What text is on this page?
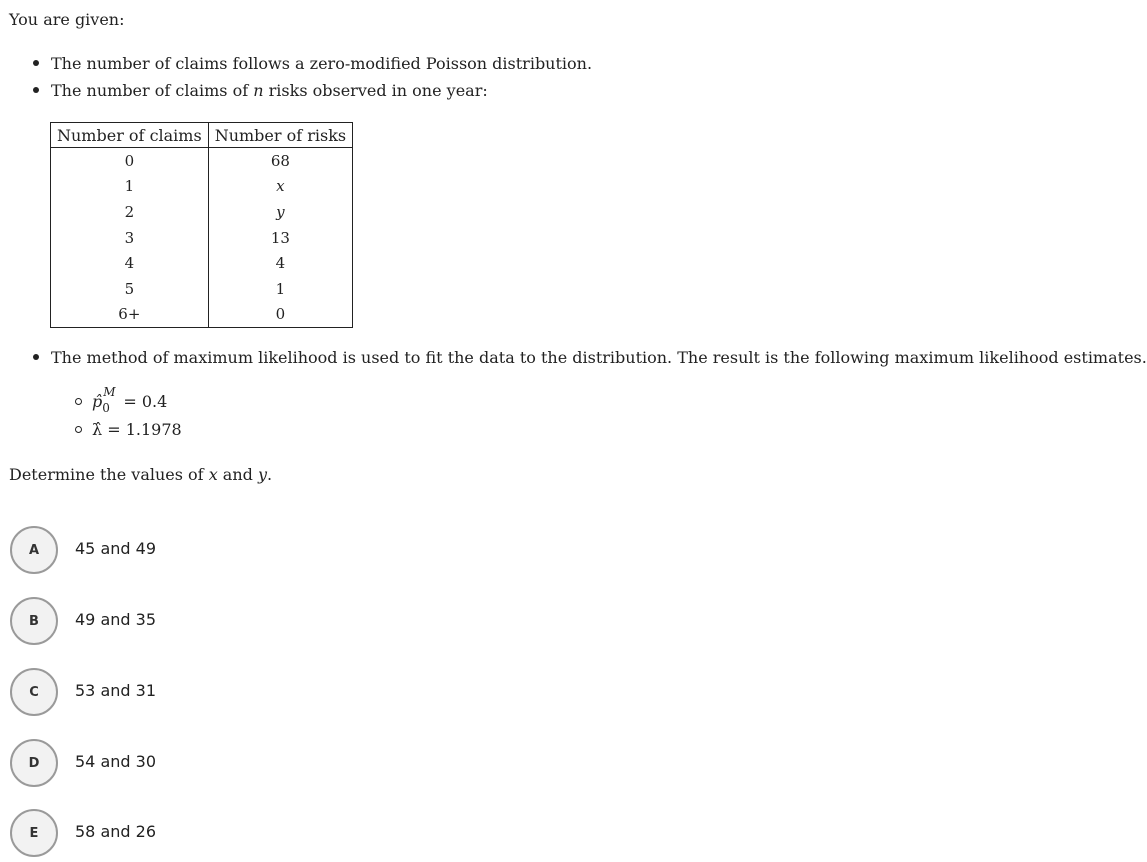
You are given:
The number of claims follows a zero-modified Poisson distribution.
The number of claims of n risks observed in one year:
Number of claims	Number of risks
0	68
1	x
2	y
3	13
4	4
5	1
6+	0
The method of maximum likelihood is used to fit the data to the distribution. The result is the following maximum likelihood estimates.
p̂ 0
M = 0.4
λ̂ = 1.1978
Determine the values of x and y.
A	45 and 49
B	49 and 35
C	53 and 31
D	54 and 30
E	58 and 26
